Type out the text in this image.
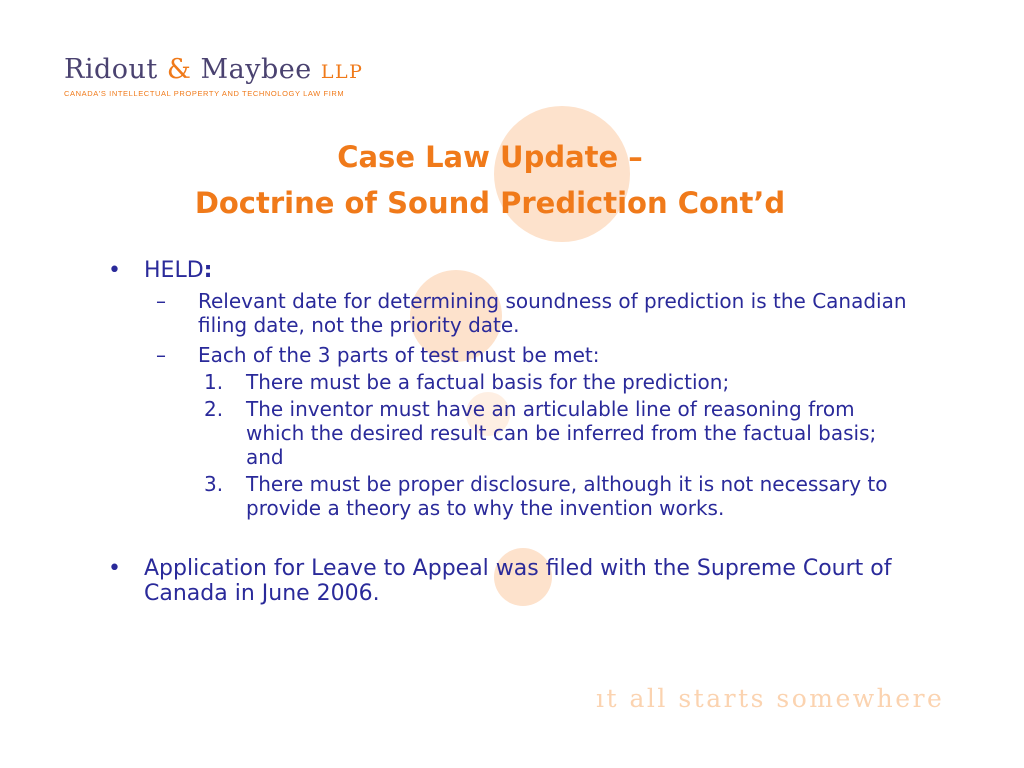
Ridout & Maybee LLP
CANADA'S INTELLECTUAL PROPERTY AND TECHNOLOGY LAW FIRM
Case Law Update –
Doctrine of Sound Prediction Cont’d
•	HELD:
–	Relevant date for determining soundness of prediction is the Canadian filing date, not the priority date.
–	Each of the 3 parts of test must be met:
1.	There must be a factual basis for the prediction;
2.	The inventor must have an articulable line of reasoning from which the desired result can be inferred from the factual basis; and
3.	There must be proper disclosure, although it is not necessary to provide a theory as to why the invention works.
•	Application for Leave to Appeal was filed with the Supreme Court of Canada in June 2006.
ıt all starts somewhere
